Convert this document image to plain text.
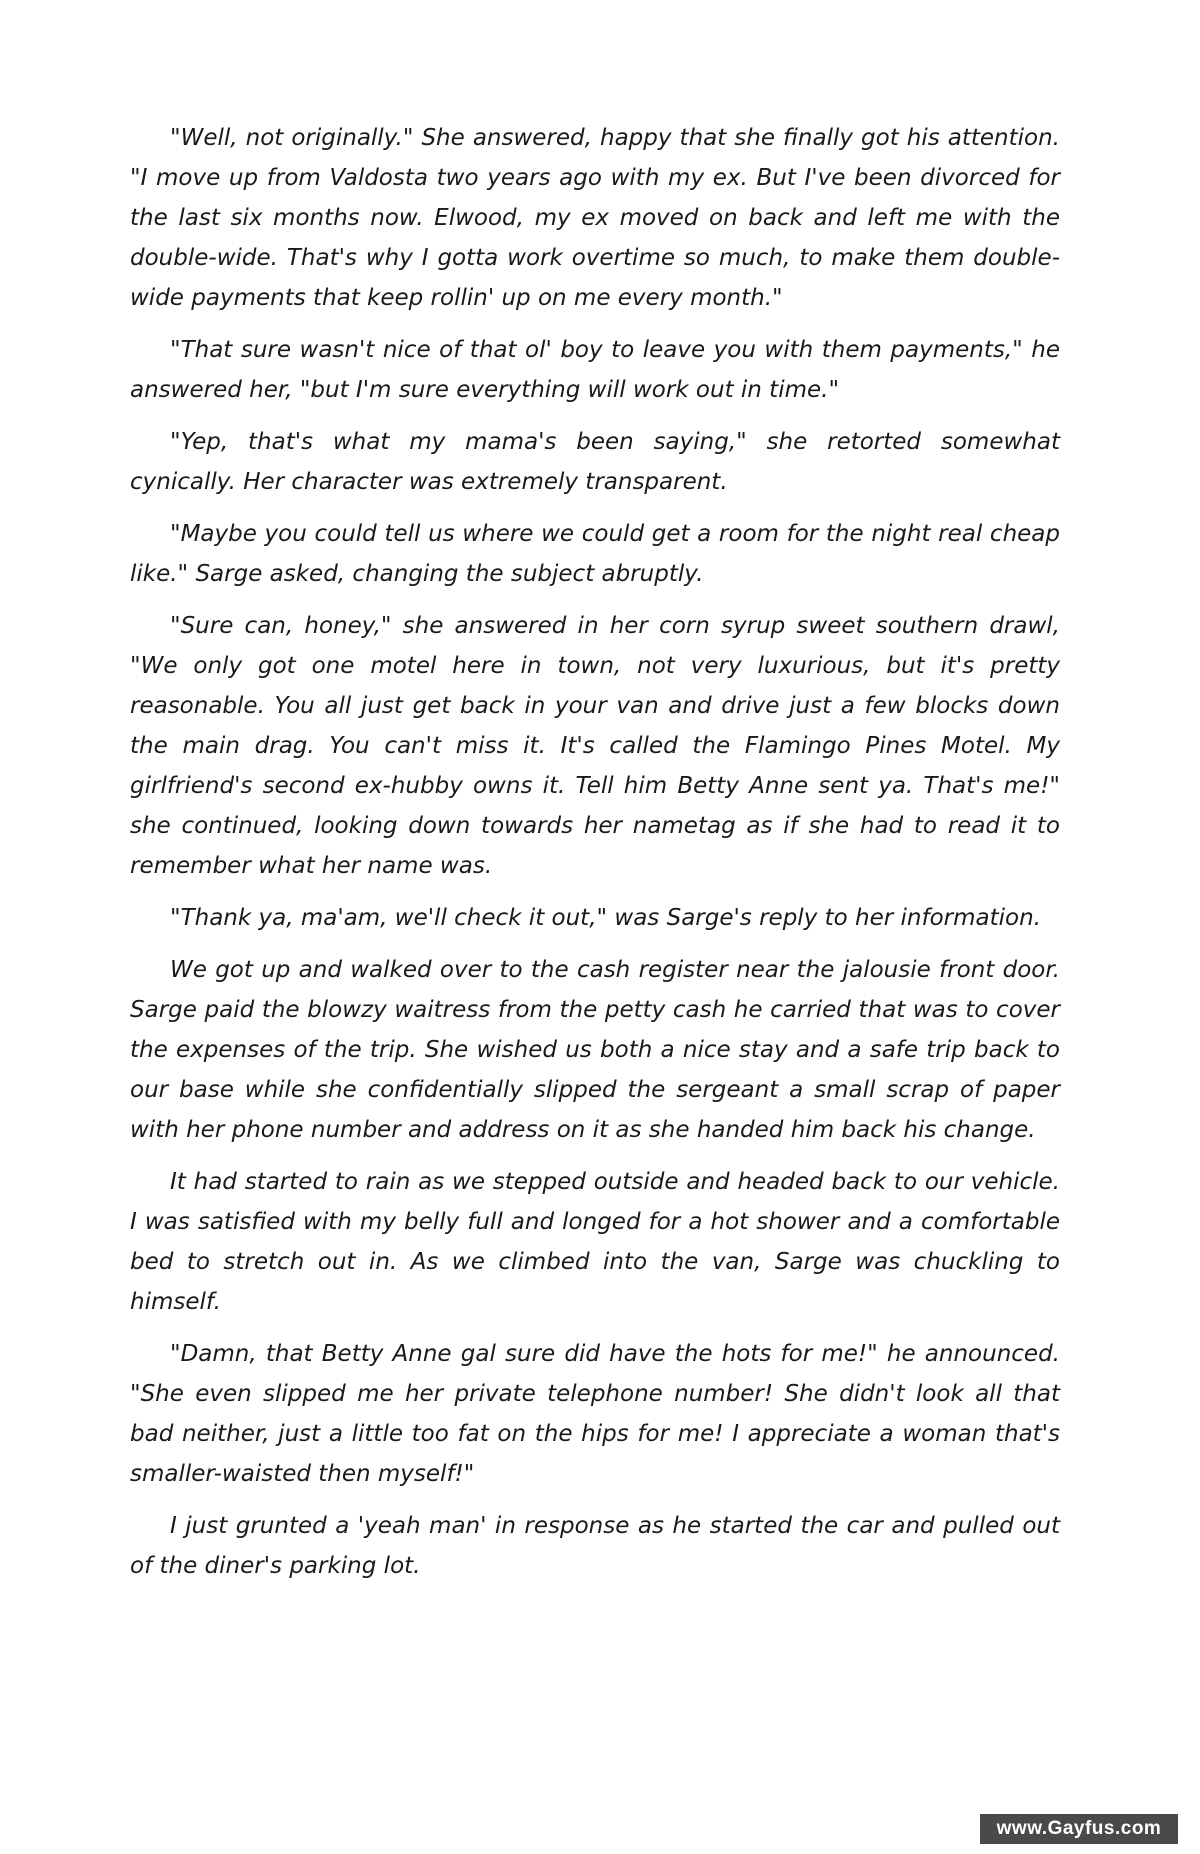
"Well, not originally." She answered, happy that she finally got his attention. "I move up from Valdosta two years ago with my ex. But I've been divorced for the last six months now. Elwood, my ex moved on back and left me with the double-wide. That's why I gotta work overtime so much, to make them double-wide payments that keep rollin' up on me every month."

"That sure wasn't nice of that ol' boy to leave you with them payments," he answered her, "but I'm sure everything will work out in time."

"Yep, that's what my mama's been saying," she retorted somewhat cynically. Her character was extremely transparent.

"Maybe you could tell us where we could get a room for the night real cheap like." Sarge asked, changing the subject abruptly.

"Sure can, honey," she answered in her corn syrup sweet southern drawl, "We only got one motel here in town, not very luxurious, but it's pretty reasonable. You all just get back in your van and drive just a few blocks down the main drag. You can't miss it. It's called the Flamingo Pines Motel. My girlfriend's second ex-hubby owns it. Tell him Betty Anne sent ya. That's me!" she continued, looking down towards her nametag as if she had to read it to remember what her name was.

"Thank ya, ma'am, we'll check it out," was Sarge's reply to her information.

We got up and walked over to the cash register near the jalousie front door. Sarge paid the blowzy waitress from the petty cash he carried that was to cover the expenses of the trip. She wished us both a nice stay and a safe trip back to our base while she confidentially slipped the sergeant a small scrap of paper with her phone number and address on it as she handed him back his change.

It had started to rain as we stepped outside and headed back to our vehicle. I was satisfied with my belly full and longed for a hot shower and a comfortable bed to stretch out in. As we climbed into the van, Sarge was chuckling to himself.

"Damn, that Betty Anne gal sure did have the hots for me!" he announced. "She even slipped me her private telephone number! She didn't look all that bad neither, just a little too fat on the hips for me! I appreciate a woman that's smaller-waisted then myself!"

I just grunted a 'yeah man' in response as he started the car and pulled out of the diner's parking lot.

www.Gayfus.com
